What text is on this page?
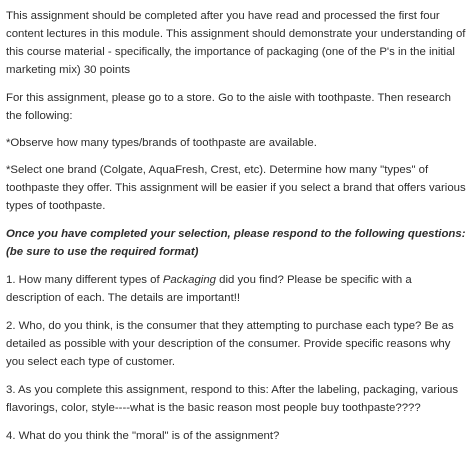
This assignment should be completed after you have read and processed the first four content lectures in this module. This assignment should demonstrate your understanding of this course material - specifically, the importance of packaging (one of the P's in the initial marketing mix) 30 points

For this assignment, please go to a store. Go to the aisle with toothpaste. Then research the following:

*Observe how many types/brands of toothpaste are available.

*Select one brand (Colgate, AquaFresh, Crest, etc). Determine how many "types" of toothpaste they offer. This assignment will be easier if you select a brand that offers various types of toothpaste.

Once you have completed your selection, please respond to the following questions:
(be sure to use the required format)

1. How many different types of Packaging did you find? Please be specific with a description of each. The details are important!!

2. Who, do you think, is the consumer that they attempting to purchase each type? Be as detailed as possible with your description of the consumer. Provide specific reasons why you select each type of customer.

3. As you complete this assignment, respond to this: After the labeling, packaging, various flavorings, color, style----what is the basic reason most people buy toothpaste????

4. What do you think the "moral" is of the assignment?
